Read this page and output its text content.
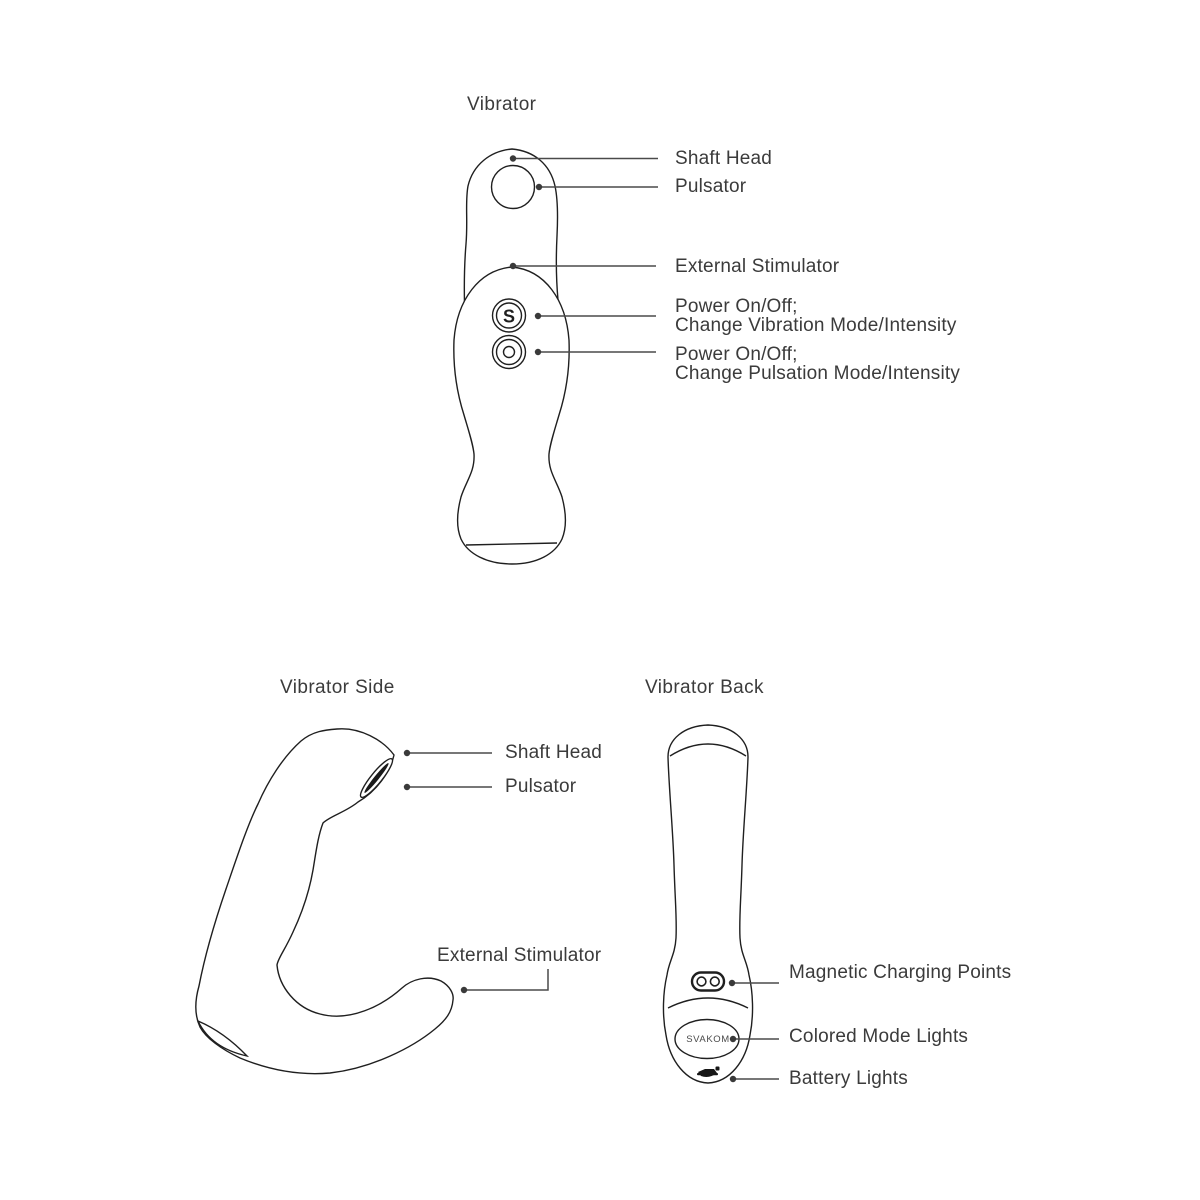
S
SVAKOM
Vibrator
Vibrator Side	Vibrator Back
Shaft Head
Pulsator
External Stimulator
Power On/Off;
Change Vibration Mode/Intensity
Power On/Off;
Change Pulsation Mode/Intensity
Shaft Head
Pulsator
External Stimulator
Magnetic Charging Points
Colored Mode Lights
Battery Lights
